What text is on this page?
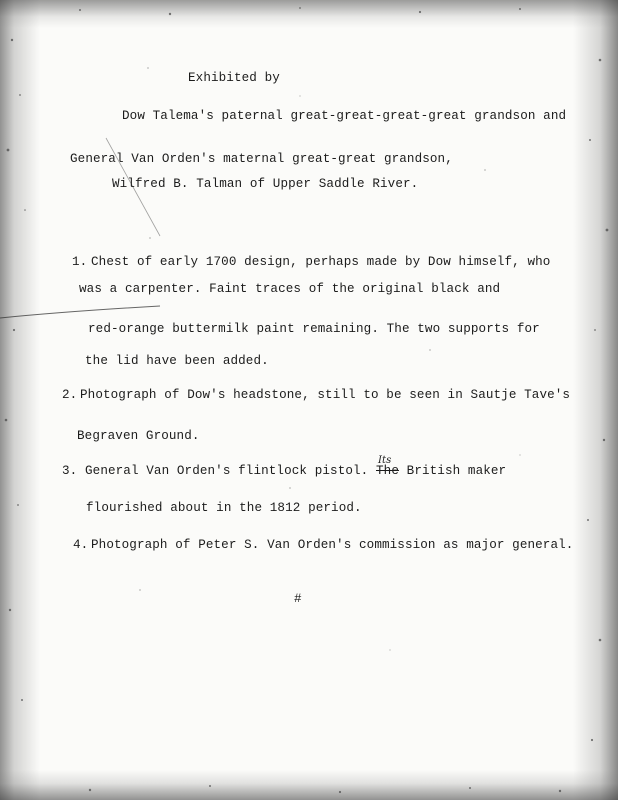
Exhibited by
Dow Talema's paternal great-great-great-great grandson and
General Van Orden's maternal great-great grandson,
Wilfred B. Talman of Upper Saddle River.
1. Chest of early 1700 design, perhaps made by Dow himself, who
was a carpenter. Faint traces of the original black and
red-orange buttermilk paint remaining. The two supports for
the lid have been added.
2. Photograph of Dow's headstone, still to be seen in Sautje Tave's
Begraven Ground.
3. General Van Orden's flintlock pistol. The
Its
British maker
flourished about in the 1812 period.
4. Photograph of Peter S. Van Orden's commission as major general.
#
